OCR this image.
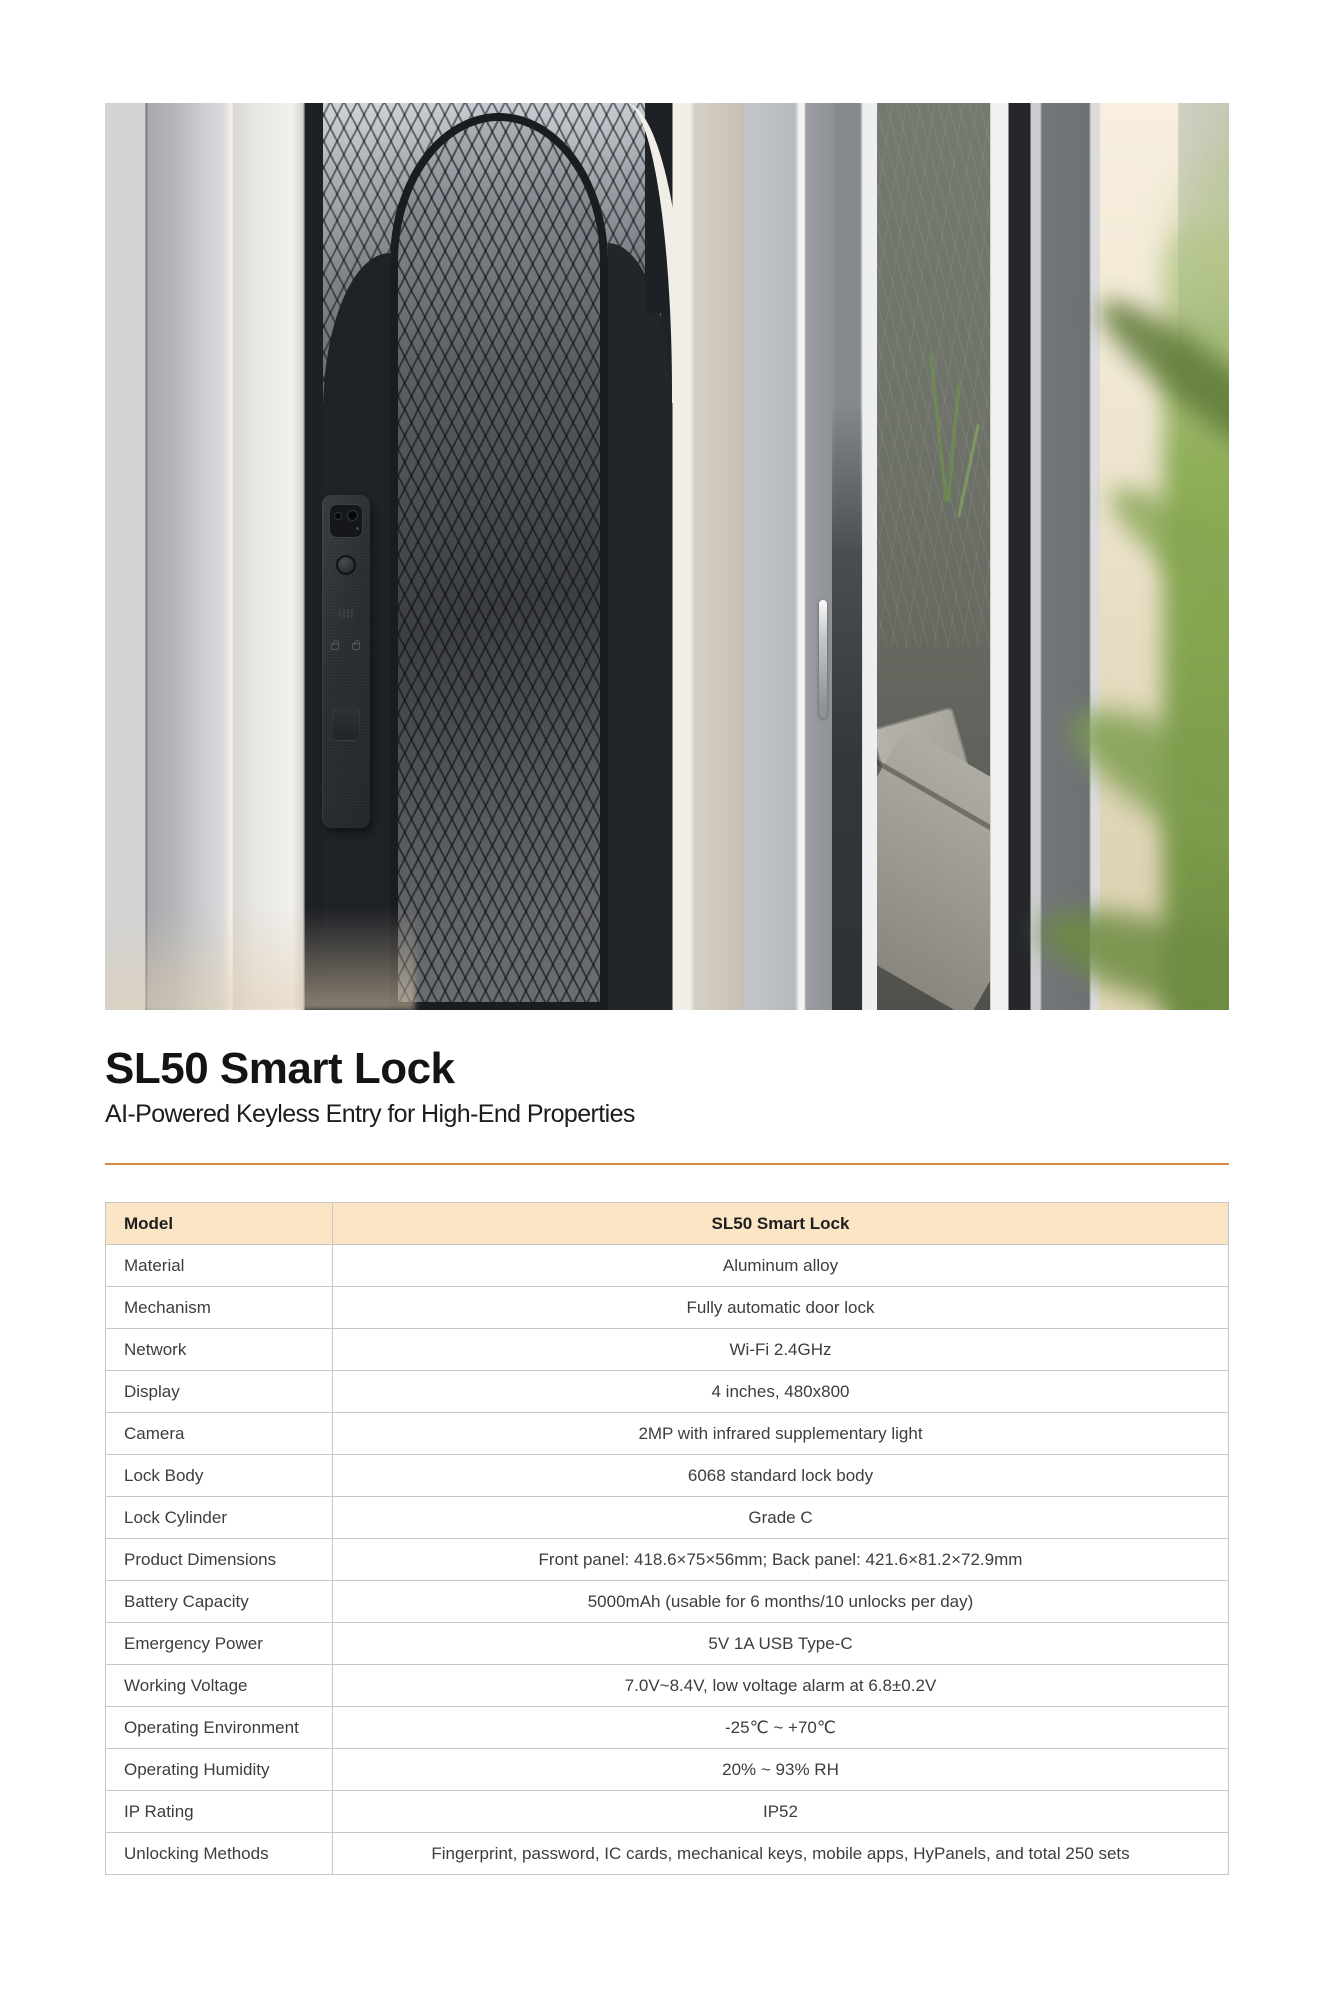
SL50 Smart Lock
AI-Powered Keyless Entry for High-End Properties
Model	SL50 Smart Lock
Material	Aluminum alloy
Mechanism	Fully automatic door lock
Network	Wi-Fi 2.4GHz
Display	4 inches, 480x800
Camera	2MP with infrared supplementary light
Lock Body	6068 standard lock body
Lock Cylinder	Grade C
Product Dimensions	Front panel: 418.6×75×56mm; Back panel: 421.6×81.2×72.9mm
Battery Capacity	5000mAh (usable for 6 months/10 unlocks per day)
Emergency Power	5V 1A USB Type-C
Working Voltage	7.0V~8.4V, low voltage alarm at 6.8±0.2V
Operating Environment	-25℃ ~ +70℃
Operating Humidity	20% ~ 93% RH
IP Rating	IP52
Unlocking Methods	Fingerprint, password, IC cards, mechanical keys, mobile apps, HyPanels, and total 250 sets
